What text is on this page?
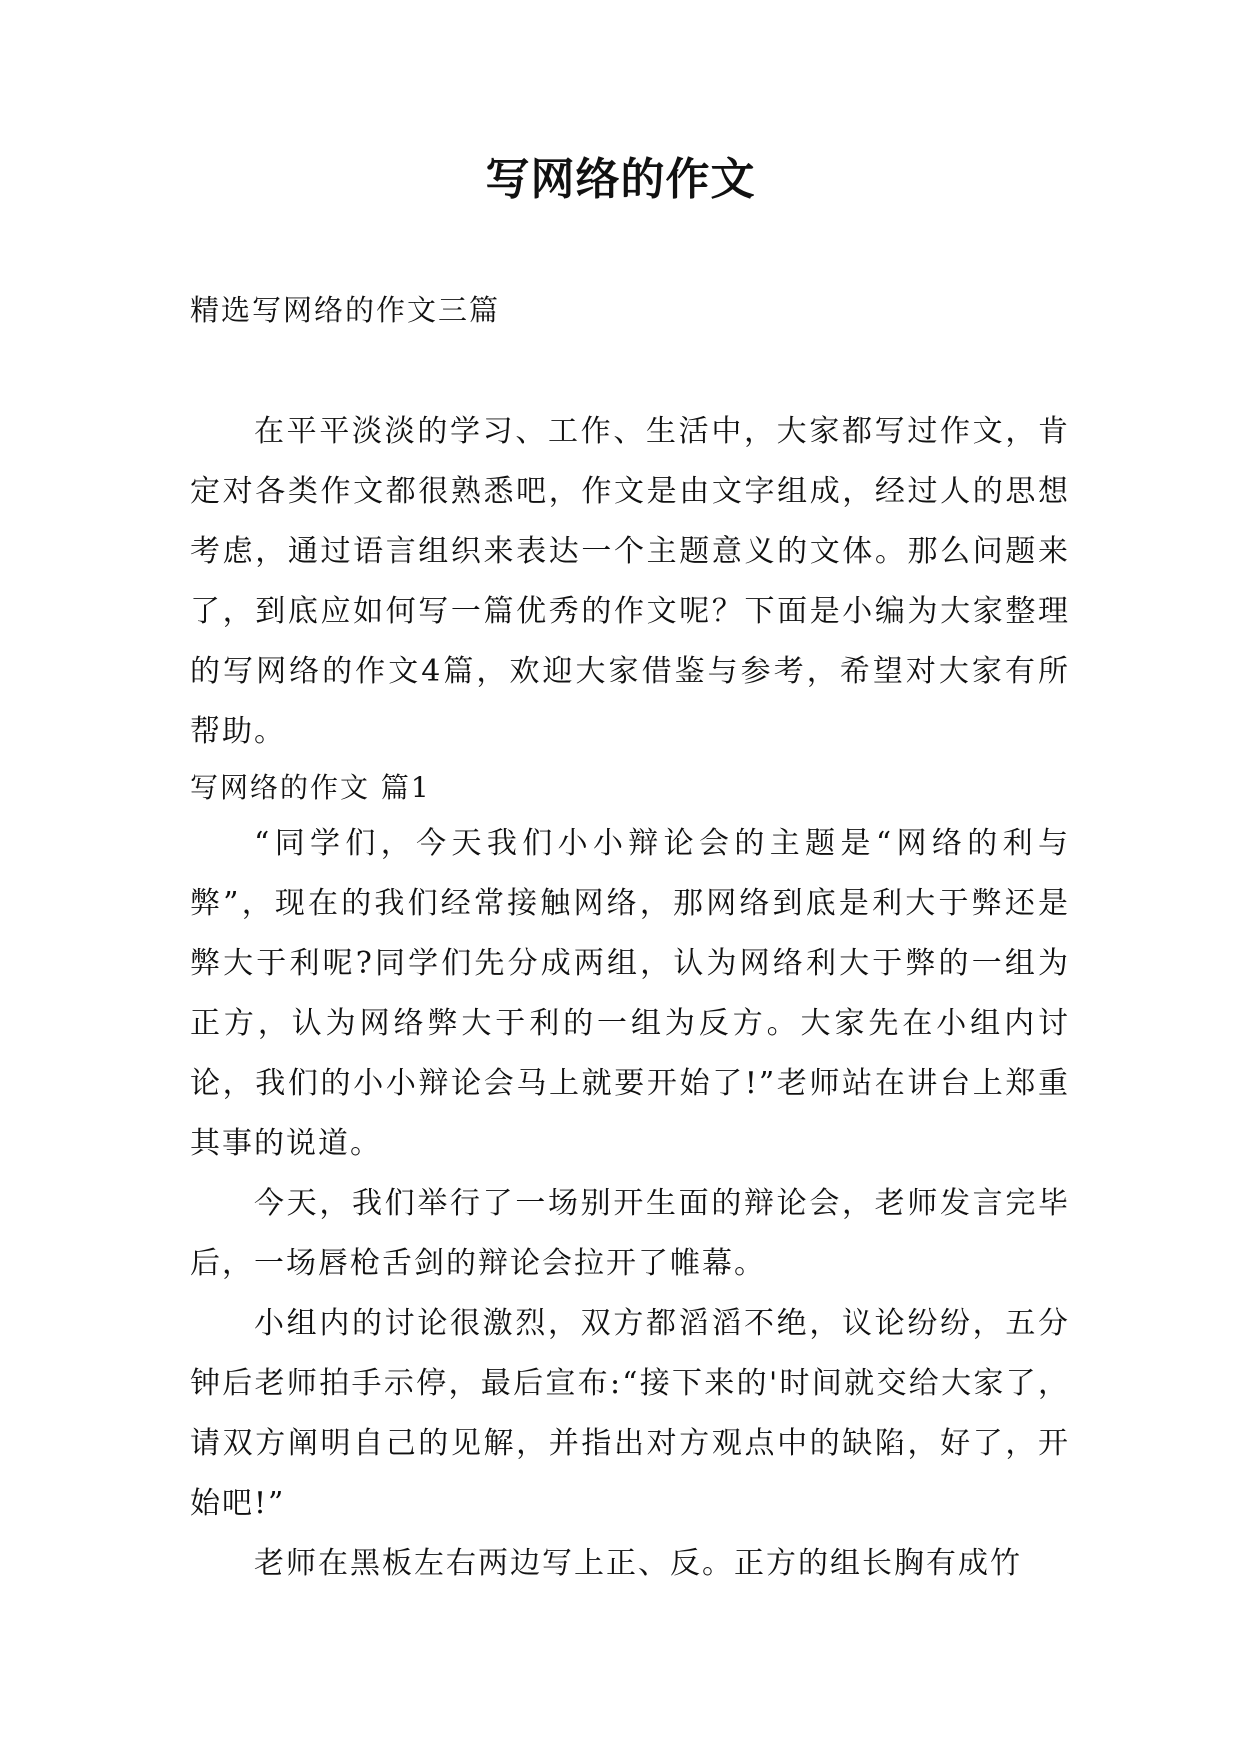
写网络的作文
精选写网络的作文三篇

在平平淡淡的学习、工作、生活中，大家都写过作文，肯定对各类作文都很熟悉吧，作文是由文字组成，经过人的思想考虑，通过语言组织来表达一个主题意义的文体。那么问题来了，到底应如何写一篇优秀的作文呢？下面是小编为大家整理的写网络的作文4篇，欢迎大家借鉴与参考，希望对大家有所帮助。

写网络的作文 篇1

“同学们，今天我们小小辩论会的主题是“网络的利与弊”，现在的我们经常接触网络，那网络到底是利大于弊还是弊大于利呢?同学们先分成两组，认为网络利大于弊的一组为正方，认为网络弊大于利的一组为反方。大家先在小组内讨论，我们的小小辩论会马上就要开始了!”老师站在讲台上郑重其事的说道。

今天，我们举行了一场别开生面的辩论会，老师发言完毕后，一场唇枪舌剑的辩论会拉开了帷幕。

小组内的讨论很激烈，双方都滔滔不绝，议论纷纷，五分钟后老师拍手示停，最后宣布:“接下来的'时间就交给大家了，请双方阐明自己的见解，并指出对方观点中的缺陷，好了，开始吧!”

老师在黑板左右两边写上正、反。正方的组长胸有成竹
